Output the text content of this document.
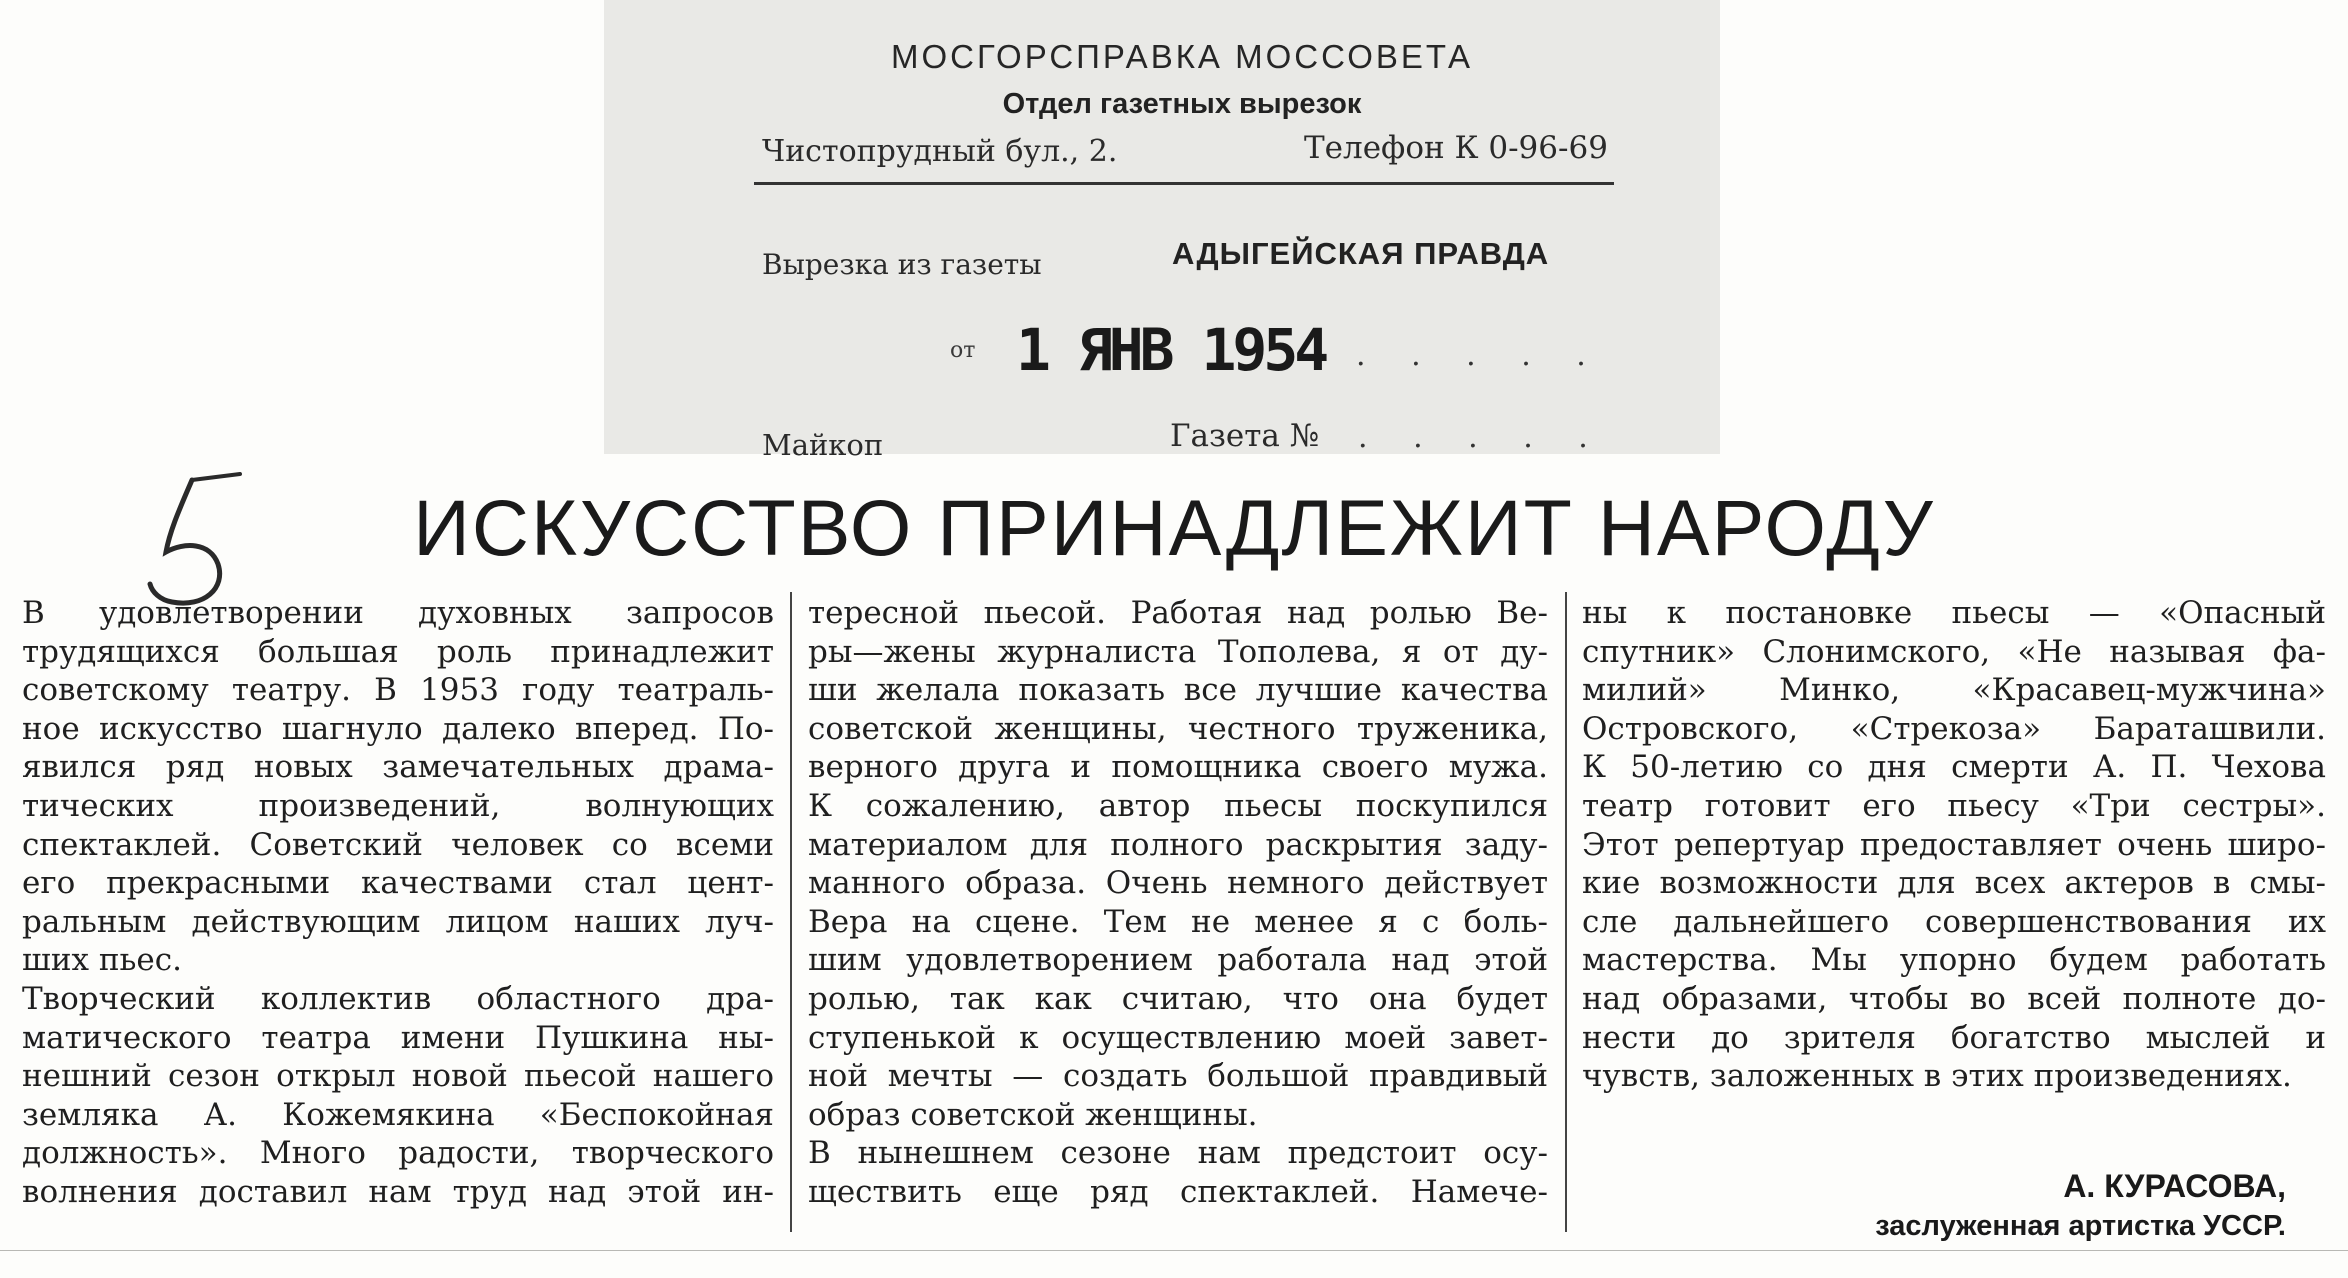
МОСГОРСПРАВКА МОССОВЕТА
Отдел газетных вырезок
Чистопрудный бул., 2.	Телефон К 0-96-69
Вырезка из газеты	АДЫГЕЙСКАЯ ПРАВДА
от 1 ЯНВ 1954 . . . . .
Майкоп	Газета № . . . . .
ИСКУССТВО ПРИНАДЛЕЖИТ НАРОДУ

В удовлетворении духовных запросов

трудящихся большая роль принадлежит

советскому театру. В 1953 году театраль-

ное искусство шагнуло далеко вперед. По-

явился ряд новых замечательных драма-

тических произведений, волнующих

спектаклей. Советский человек со всеми

его прекрасными качествами стал цент-

ральным действующим лицом наших луч-

ших пьес.

Творческий коллектив областного дра-

матического театра имени Пушкина ны-

нешний сезон открыл новой пьесой нашего

земляка А. Кожемякина «Беспокойная

должность». Много радости, творческого

волнения доставил нам труд над этой ин-

тересной пьесой. Работая над ролью Ве-

ры—жены журналиста Тополева, я от ду-

ши желала показать все лучшие качества

советской женщины, честного труженика,

верного друга и помощника своего мужа.

К сожалению, автор пьесы поскупился

материалом для полного раскрытия заду-

манного образа. Очень немного действует

Вера на сцене. Тем не менее я с боль-

шим удовлетворением работала над этой

ролью, так как считаю, что она будет

ступенькой к осуществлению моей завет-

ной мечты — создать большой правдивый

образ советской женщины.

В нынешнем сезоне нам предстоит осу-

ществить еще ряд спектаклей. Намече-

ны к постановке пьесы — «Опасный

спутник» Слонимского, «Не называя фа-

милий» Минко, «Красавец-мужчина»

Островского, «Стрекоза» Бараташвили.

К 50-летию со дня смерти А. П. Чехова

театр готовит его пьесу «Три сестры».

Этот репертуар предоставляет очень широ-

кие возможности для всех актеров в смы-

сле дальнейшего совершенствования их

мастерства. Мы упорно будем работать

над образами, чтобы во всей полноте до-

нести до зрителя богатство мыслей и

чувств, заложенных в этих произведениях.

А. КУРАСОВА,
заслуженная артистка УССР.
